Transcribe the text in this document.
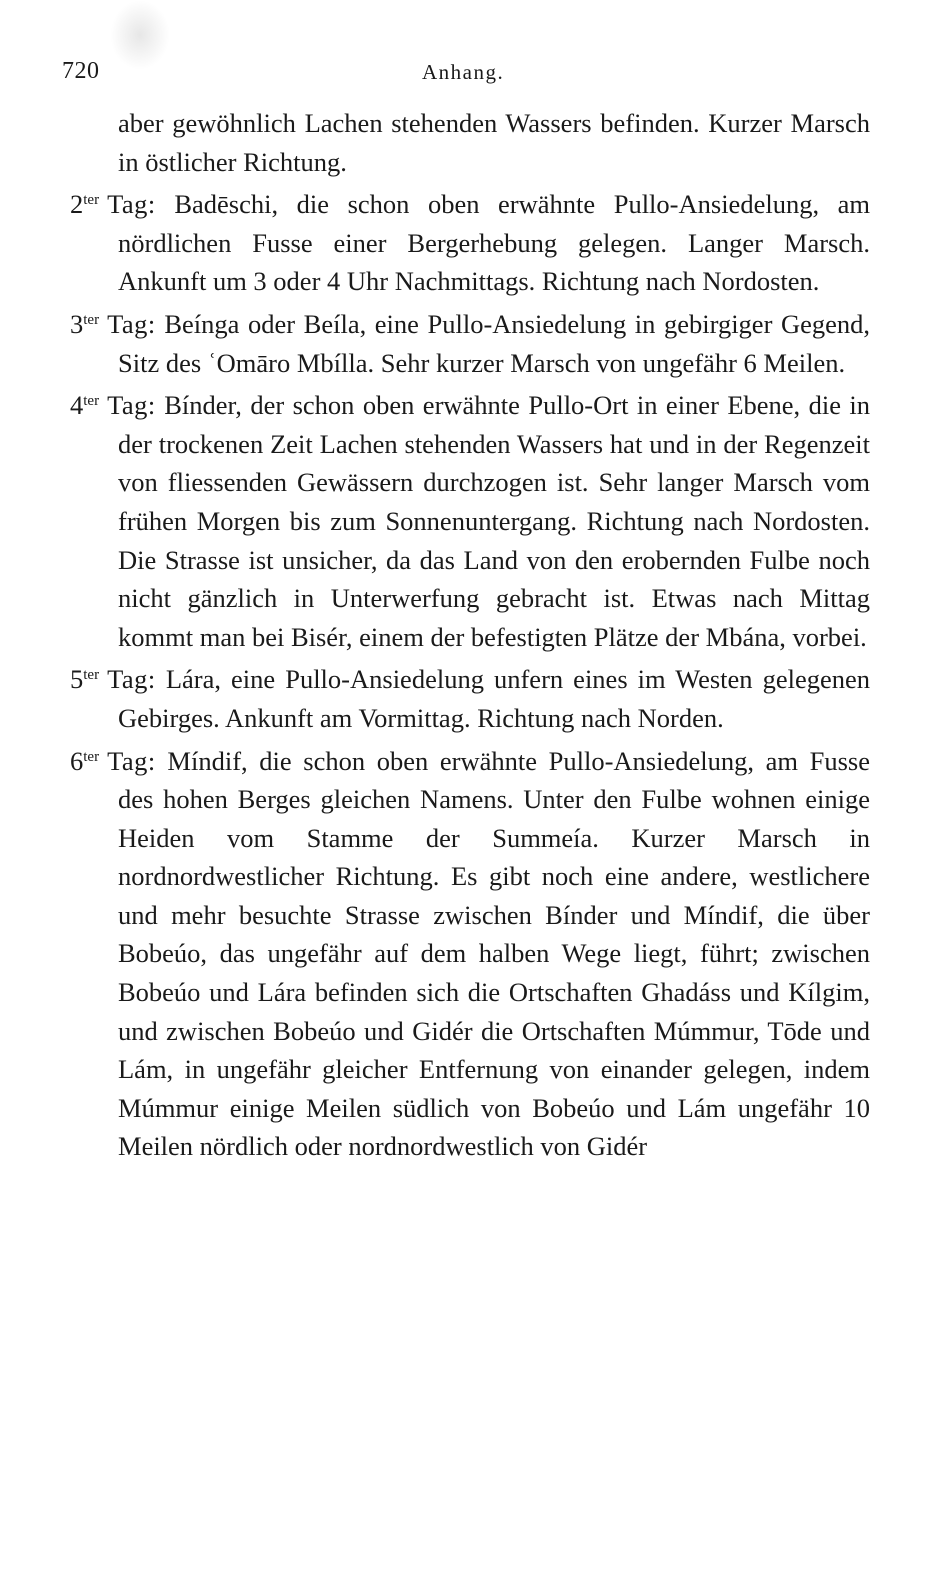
720	Anhang.

aber gewöhnlich Lachen stehenden Wassers befinden. Kurzer Marsch in östlicher Richtung.

$2^{ter}$ Tag: Badēschi, die schon oben erwähnte Pullo-Ansiedelung, am nördlichen Fusse einer Bergerhebung gelegen. Langer Marsch. Ankunft um 3 oder 4 Uhr Nachmittags. Richtung nach Nordosten.

$3^{ter}$ Tag: Beínga oder Beíla, eine Pullo-Ansiedelung in gebirgiger Gegend, Sitz des ʿOmāro Mbílla. Sehr kurzer Marsch von ungefähr 6 Meilen.

$4^{ter}$ Tag: Bínder, der schon oben erwähnte Pullo-Ort in einer Ebene, die in der trockenen Zeit Lachen stehenden Wassers hat und in der Regenzeit von fliessenden Gewässern durchzogen ist. Sehr langer Marsch vom frühen Morgen bis zum Sonnenuntergang. Richtung nach Nordosten. Die Strasse ist unsicher, da das Land von den erobernden Fulbe noch nicht gänzlich in Unterwerfung gebracht ist. Etwas nach Mittag kommt man bei Bisér, einem der befestigten Plätze der Mbána, vorbei.

$5^{ter}$ Tag: Lára, eine Pullo-Ansiedelung unfern eines im Westen gelegenen Gebirges. Ankunft am Vormittag. Richtung nach Norden.

$6^{ter}$ Tag: Míndif, die schon oben erwähnte Pullo-Ansiedelung, am Fusse des hohen Berges gleichen Namens. Unter den Fulbe wohnen einige Heiden vom Stamme der Summeía. Kurzer Marsch in nordnordwestlicher Richtung. Es gibt noch eine andere, westlichere und mehr besuchte Strasse zwischen Bínder und Míndif, die über Bobeúo, das ungefähr auf dem halben Wege liegt, führt; zwischen Bobeúo und Lára befinden sich die Ortschaften Ghadáss und Kílgim, und zwischen Bobeúo und Gidér die Ortschaften Múmmur, Tōde und Lám, in ungefähr gleicher Entfernung von einander gelegen, indem Múmmur einige Meilen südlich von Bobeúo und Lám ungefähr 10 Meilen nördlich oder nordnordwestlich von Gidér
